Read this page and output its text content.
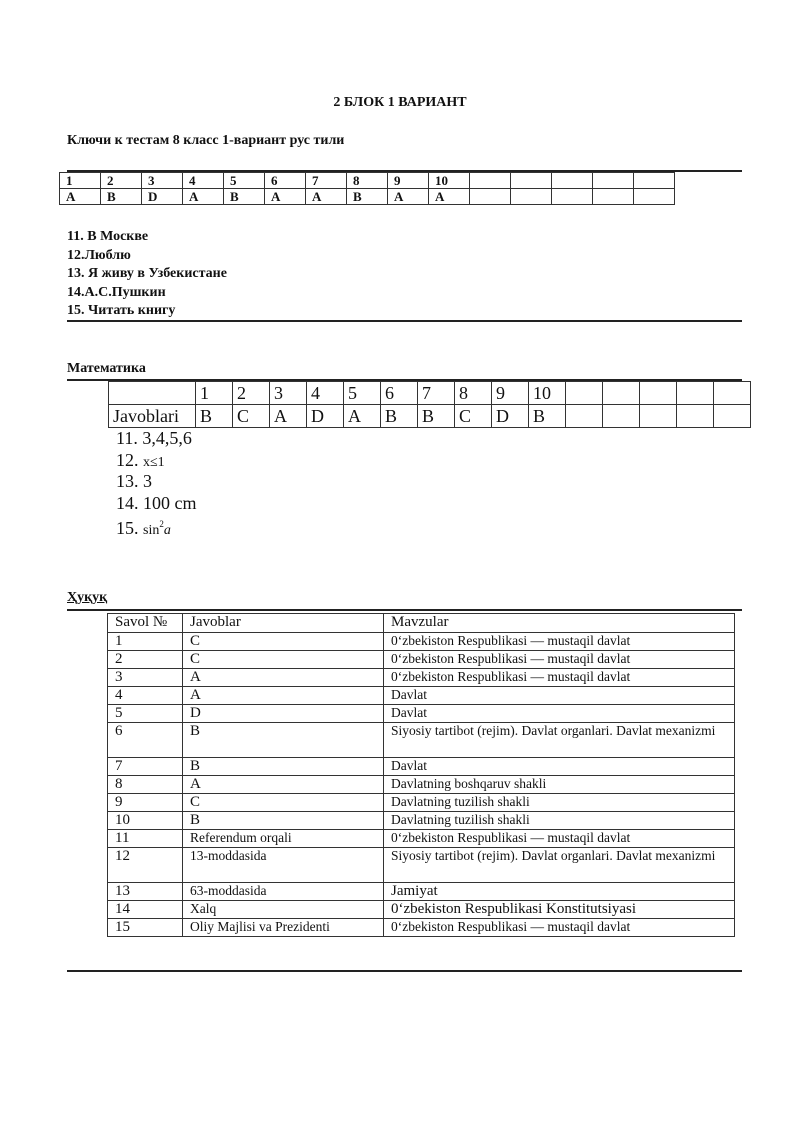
2 БЛОК 1 ВАРИАНТ
Ключи к тестам 8 класс 1-вариант рус тили
1	2	3	4	5	6	7	8	9	10					
A	B	D	A	B	A	A	B	A	A					
11. В Москве
12.Люблю
13. Я живу в Узбекистане
14.А.С.Пушкин
15. Читать книгу
Математика
	1	2	3	4	5	6	7	8	9	10					
Javoblari	B	C	A	D	A	B	B	C	D	B					
11. 3,4,5,6
12. x≤1
13. 3
14. 100 cm
15. $\sin^2a$
Ҳуқуқ
Savol №	Javoblar	Mavzular
1	C	0‘zbekiston Respublikasi — mustaqil davlat
2	C	0‘zbekiston Respublikasi — mustaqil davlat
3	A	0‘zbekiston Respublikasi — mustaqil davlat
4	A	Davlat
5	D	Davlat
6	B	Siyosiy tartibot (rejim). Davlat organlari. Davlat mexanizmi
7	B	Davlat
8	A	Davlatning boshqaruv shakli
9	C	Davlatning tuzilish shakli
10	B	Davlatning tuzilish shakli
11	Referendum orqali	0‘zbekiston Respublikasi — mustaqil davlat
12	13-moddasida	Siyosiy tartibot (rejim). Davlat organlari. Davlat mexanizmi
13	63-moddasida	Jamiyat
14	Xalq	0‘zbekiston Respublikasi Konstitutsiyasi
15	Oliy Majlisi va Prezidenti	0‘zbekiston Respublikasi — mustaqil davlat
